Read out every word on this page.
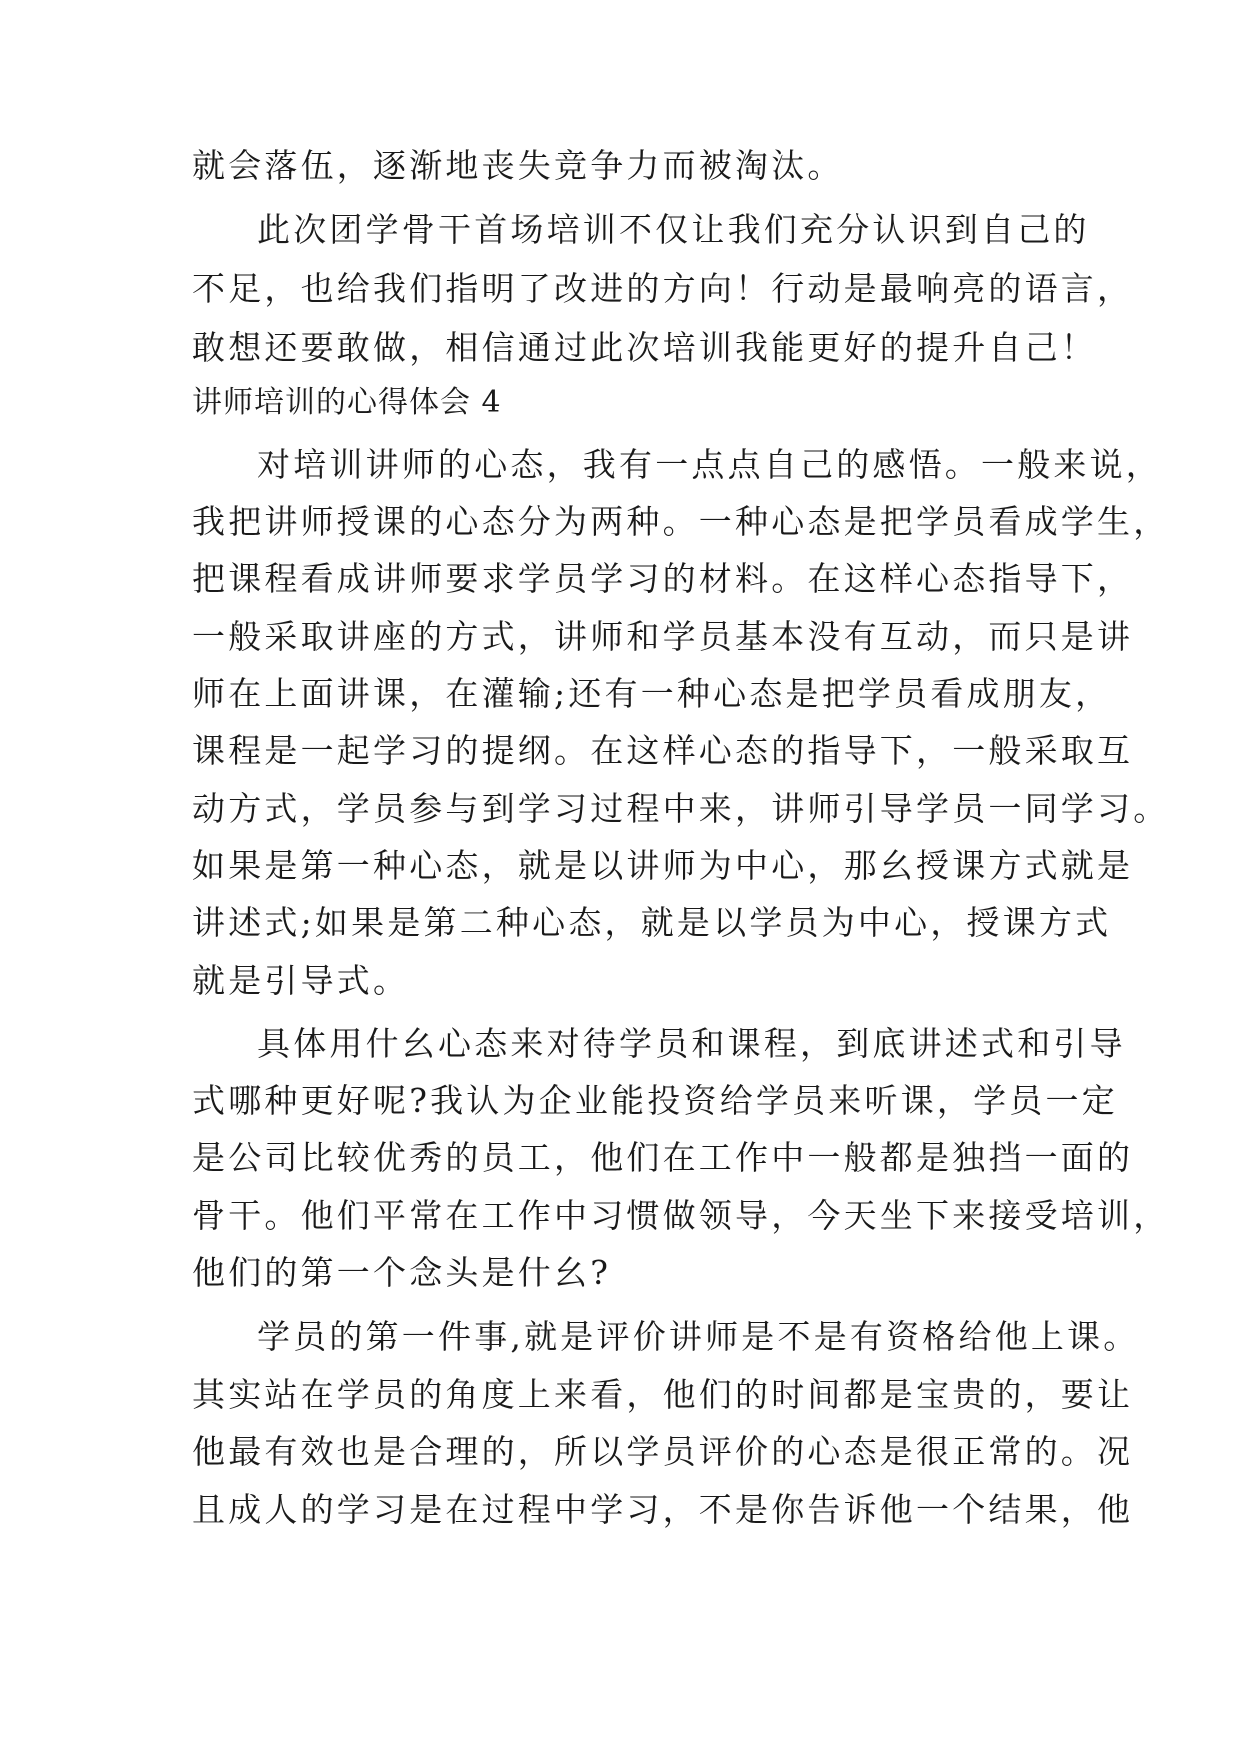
就会落伍，逐渐地丧失竞争力而被淘汰。
此次团学骨干首场培训不仅让我们充分认识到自己的
不足，也给我们指明了改进的方向！行动是最响亮的语言，
敢想还要敢做，相信通过此次培训我能更好的提升自己！
讲师培训的心得体会 4
对培训讲师的心态，我有一点点自己的感悟。一般来说，
我把讲师授课的心态分为两种。一种心态是把学员看成学生，
把课程看成讲师要求学员学习的材料。在这样心态指导下，
一般采取讲座的方式，讲师和学员基本没有互动，而只是讲
师在上面讲课，在灌输;还有一种心态是把学员看成朋友，
课程是一起学习的提纲。在这样心态的指导下，一般采取互
动方式，学员参与到学习过程中来，讲师引导学员一同学习。
如果是第一种心态，就是以讲师为中心，那幺授课方式就是
讲述式;如果是第二种心态，就是以学员为中心，授课方式
就是引导式。
具体用什幺心态来对待学员和课程，到底讲述式和引导
式哪种更好呢?我认为企业能投资给学员来听课，学员一定
是公司比较优秀的员工，他们在工作中一般都是独挡一面的
骨干。他们平常在工作中习惯做领导，今天坐下来接受培训，
他们的第一个念头是什幺?
学员的第一件事,就是评价讲师是不是有资格给他上课。
其实站在学员的角度上来看，他们的时间都是宝贵的，要让
他最有效也是合理的，所以学员评价的心态是很正常的。况
且成人的学习是在过程中学习，不是你告诉他一个结果，他
